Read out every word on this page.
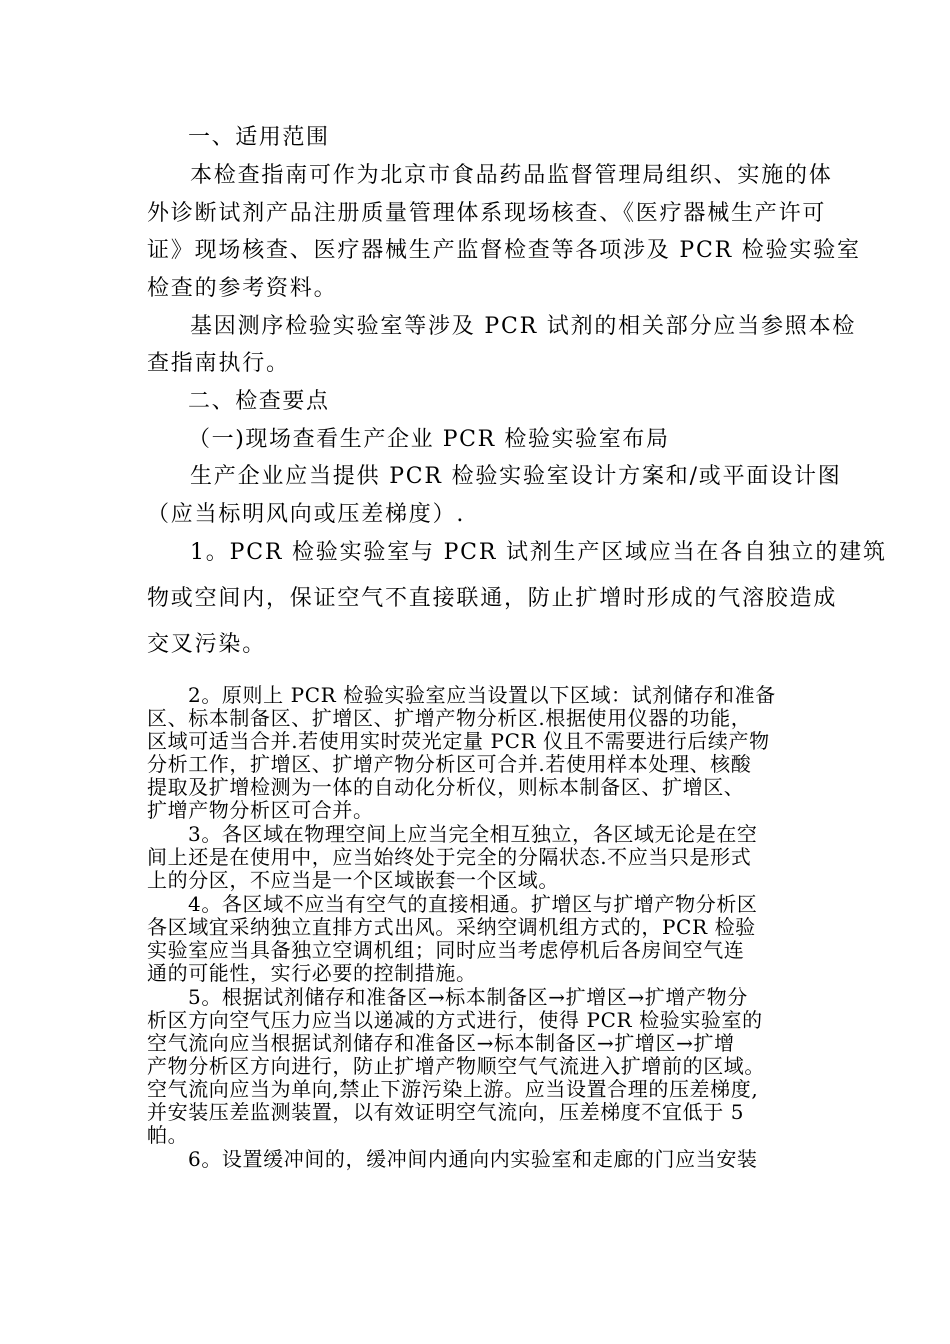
一、适用范围

本检查指南可作为北京市食品药品监督管理局组织、实施的体

外诊断试剂产品注册质量管理体系现场核查、《医疗器械生产许可

证》现场核查、医疗器械生产监督检查等各项涉及 PCR 检验实验室

检查的参考资料。

基因测序检验实验室等涉及 PCR 试剂的相关部分应当参照本检

查指南执行。

二、检查要点

（一)现场查看生产企业 PCR 检验实验室布局

生产企业应当提供 PCR 检验实验室设计方案和/或平面设计图

（应当标明风向或压差梯度）.

1。PCR 检验实验室与 PCR 试剂生产区域应当在各自独立的建筑

物或空间内，保证空气不直接联通，防止扩增时形成的气溶胶造成

交叉污染。

2。原则上 PCR 检验实验室应当设置以下区域：试剂储存和准备

区、标本制备区、扩增区、扩增产物分析区.根据使用仪器的功能，

区域可适当合并.若使用实时荧光定量 PCR 仪且不需要进行后续产物

分析工作，扩增区、扩增产物分析区可合并.若使用样本处理、核酸

提取及扩增检测为一体的自动化分析仪，则标本制备区、扩增区、

扩增产物分析区可合并。

3。各区域在物理空间上应当完全相互独立，各区域无论是在空

间上还是在使用中，应当始终处于完全的分隔状态.不应当只是形式

上的分区，不应当是一个区域嵌套一个区域。

4。各区域不应当有空气的直接相通。扩增区与扩增产物分析区

各区域宜采纳独立直排方式出风。采纳空调机组方式的，PCR 检验

实验室应当具备独立空调机组；同时应当考虑停机后各房间空气连

通的可能性，实行必要的控制措施。

5。根据试剂储存和准备区→标本制备区→扩增区→扩增产物分

析区方向空气压力应当以递减的方式进行，使得 PCR 检验实验室的

空气流向应当根据试剂储存和准备区→标本制备区→扩增区→扩增

产物分析区方向进行，防止扩增产物顺空气气流进入扩增前的区域。

空气流向应当为单向,禁止下游污染上游。应当设置合理的压差梯度,

并安装压差监测装置，以有效证明空气流向，压差梯度不宜低于 5

帕。

6。设置缓冲间的，缓冲间内通向内实验室和走廊的门应当安装
